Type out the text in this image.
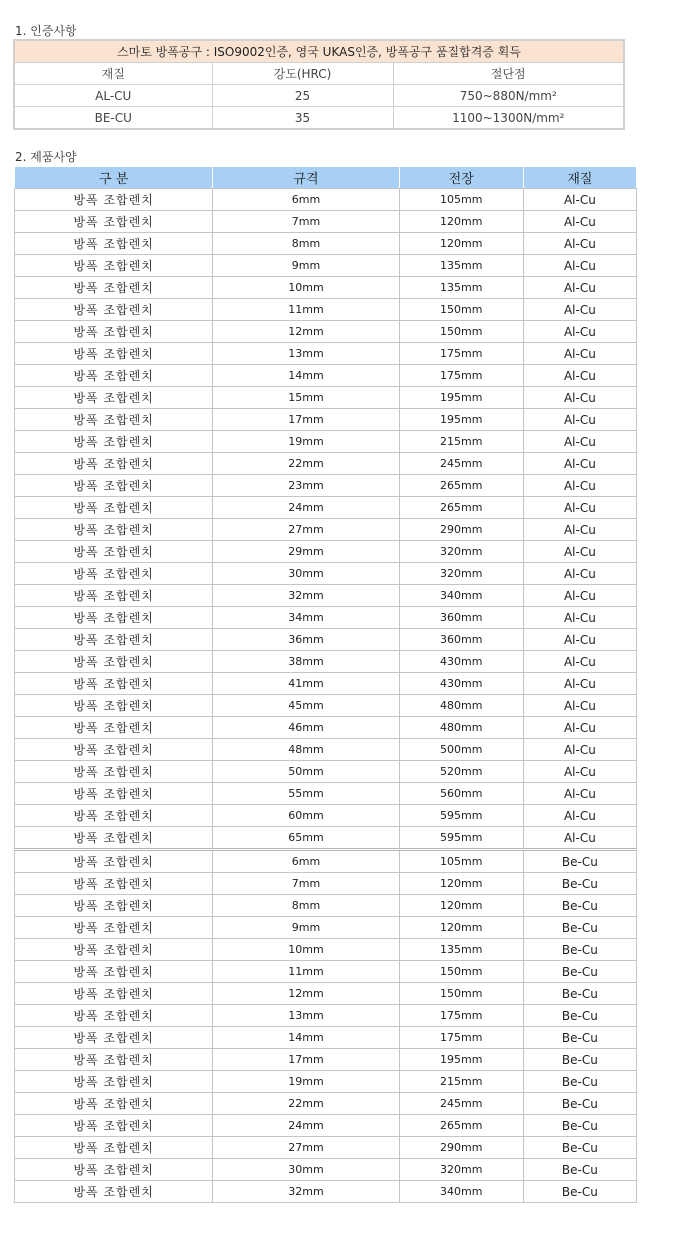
1. 인증사항
스마토 방폭공구 : ISO9002인증, 영국 UKAS인증, 방폭공구 품질합격증 획득		
재질	강도(HRC)	절단점
AL-CU	25	750~880N/mm²
BE-CU	35	1100~1300N/mm²
2. 제품사양
구 분	규격	전장	재질
방폭 조합렌치	6mm	105mm	Al-Cu
방폭 조합렌치	7mm	120mm	Al-Cu
방폭 조합렌치	8mm	120mm	Al-Cu
방폭 조합렌치	9mm	135mm	Al-Cu
방폭 조합렌치	10mm	135mm	Al-Cu
방폭 조합렌치	11mm	150mm	Al-Cu
방폭 조합렌치	12mm	150mm	Al-Cu
방폭 조합렌치	13mm	175mm	Al-Cu
방폭 조합렌치	14mm	175mm	Al-Cu
방폭 조합렌치	15mm	195mm	Al-Cu
방폭 조합렌치	17mm	195mm	Al-Cu
방폭 조합렌치	19mm	215mm	Al-Cu
방폭 조합렌치	22mm	245mm	Al-Cu
방폭 조합렌치	23mm	265mm	Al-Cu
방폭 조합렌치	24mm	265mm	Al-Cu
방폭 조합렌치	27mm	290mm	Al-Cu
방폭 조합렌치	29mm	320mm	Al-Cu
방폭 조합렌치	30mm	320mm	Al-Cu
방폭 조합렌치	32mm	340mm	Al-Cu
방폭 조합렌치	34mm	360mm	Al-Cu
방폭 조합렌치	36mm	360mm	Al-Cu
방폭 조합렌치	38mm	430mm	Al-Cu
방폭 조합렌치	41mm	430mm	Al-Cu
방폭 조합렌치	45mm	480mm	Al-Cu
방폭 조합렌치	46mm	480mm	Al-Cu
방폭 조합렌치	48mm	500mm	Al-Cu
방폭 조합렌치	50mm	520mm	Al-Cu
방폭 조합렌치	55mm	560mm	Al-Cu
방폭 조합렌치	60mm	595mm	Al-Cu
방폭 조합렌치	65mm	595mm	Al-Cu
방폭 조합렌치	6mm	105mm	Be-Cu
방폭 조합렌치	7mm	120mm	Be-Cu
방폭 조합렌치	8mm	120mm	Be-Cu
방폭 조합렌치	9mm	120mm	Be-Cu
방폭 조합렌치	10mm	135mm	Be-Cu
방폭 조합렌치	11mm	150mm	Be-Cu
방폭 조합렌치	12mm	150mm	Be-Cu
방폭 조합렌치	13mm	175mm	Be-Cu
방폭 조합렌치	14mm	175mm	Be-Cu
방폭 조합렌치	17mm	195mm	Be-Cu
방폭 조합렌치	19mm	215mm	Be-Cu
방폭 조합렌치	22mm	245mm	Be-Cu
방폭 조합렌치	24mm	265mm	Be-Cu
방폭 조합렌치	27mm	290mm	Be-Cu
방폭 조합렌치	30mm	320mm	Be-Cu
방폭 조합렌치	32mm	340mm	Be-Cu
